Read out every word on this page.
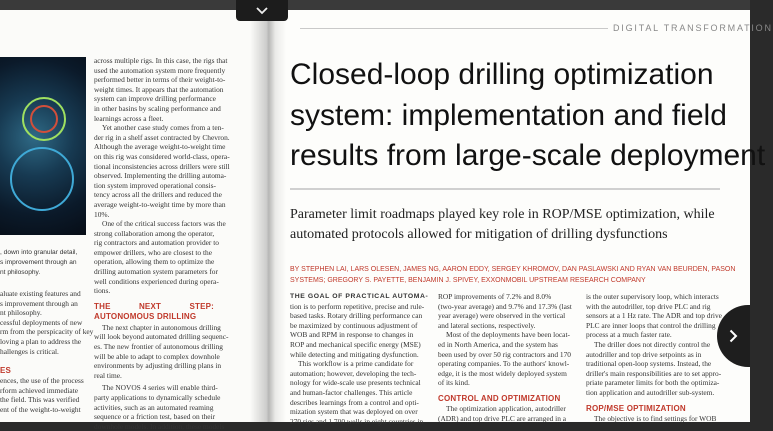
, down into granular detail,
s improvement through an
nt philosophy.
aluate existing features and
s improvement through an
nt philosophy.
cessful deployments of new
rm from the perspicacity of key
loving a plan to address the
hallenges is critical.
ES
ences, the use of the process
rform achieved immediate
the field. This was verified
ent of the weight-to-weight
across multiple rigs. In this case, the rigs that
used the automation system more frequently
performed better in terms of their weight-to-
weight times. It appears that the automation
system can improve drilling performance
in other basins by scaling performance and
learnings across a fleet.
Yet another case study comes from a ten-
der rig in a shelf asset contracted by Chevron.
Although the average weight-to-weight time
on this rig was considered world-class, opera-
tional inconsistencies across drillers were still
observed. Implementing the drilling automa-
tion system improved operational consis-
tency across all the drillers and reduced the
average weight-to-weight time by more than
10%.
One of the critical success factors was the
strong collaboration among the operator,
rig contractors and automation provider to
empower drillers, who are closest to the
operation, allowing them to optimize the
drilling automation system parameters for
well conditions experienced during opera-
tions.
THE NEXT STEP: AUTONOMOUS DRILLING
The next chapter in autonomous drilling
will look beyond automated drilling sequenc-
es. The new frontier of autonomous drilling
will be able to adapt to complex downhole
environments by adjusting drilling plans in
real time.
The NOVOS 4 series will enable third-
party applications to dynamically schedule
activities, such as an automated reaming
sequence or a friction test, based on their
downhole models. In addition, these models
DIGITAL TRANSFORMATION
Closed-loop drilling optimization
system: implementation and field
results from large-scale deployment
Parameter limit roadmaps played key role in ROP/MSE optimization, while
automated protocols allowed for mitigation of drilling dysfunctions
BY STEPHEN LAI, LARS OLESEN, JAMES NG, AARON EDDY, SERGEY KHROMOV, DAN PASLAWSKI AND RYAN VAN BEURDEN, PASON
SYSTEMS; GREGORY S. PAYETTE, BENJAMIN J. SPIVEY, EXXONMOBIL UPSTREAM RESEARCH COMPANY
THE GOAL OF PRACTICAL AUTOMA-
tion is to perform repetitive, precise and rule-
based tasks. Rotary drilling performance can
be maximized by continuous adjustment of
WOB and RPM in response to changes in
ROP and mechanical specific energy (MSE)
while detecting and mitigating dysfunction.
This workflow is a prime candidate for
automation; however, developing the tech-
nology for wide-scale use presents technical
and human-factor challenges. This article
describes learnings from a control and opti-
mization system that was deployed on over
270 rigs and 1,700 wells in eight countries in
ROP improvements of 7.2% and 8.0%
(two-year average) and 9.7% and 17.3% (last
year average) were observed in the vertical
and lateral sections, respectively.
Most of the deployments have been locat-
ed in North America, and the system has
been used by over 50 rig contractors and 170
operating companies. To the authors' knowl-
edge, it is the most widely deployed system
of its kind.
CONTROL AND OPTIMIZATION
The optimization application, autodriller
(ADR) and top drive PLC are arranged in a
is the outer supervisory loop, which interacts
with the autodriller, top drive PLC and rig
sensors at a 1 Hz rate. The ADR and top drive
PLC are inner loops that control the drilling
process at a much faster rate.
The driller does not directly control the
autodriller and top drive setpoints as in
traditional open-loop systems. Instead, the
driller's main responsibilities are to set appro-
priate parameter limits for both the optimiza-
tion application and autodriller sub-system.
ROP/MSE OPTIMIZATION
The objective is to find settings for WOB
